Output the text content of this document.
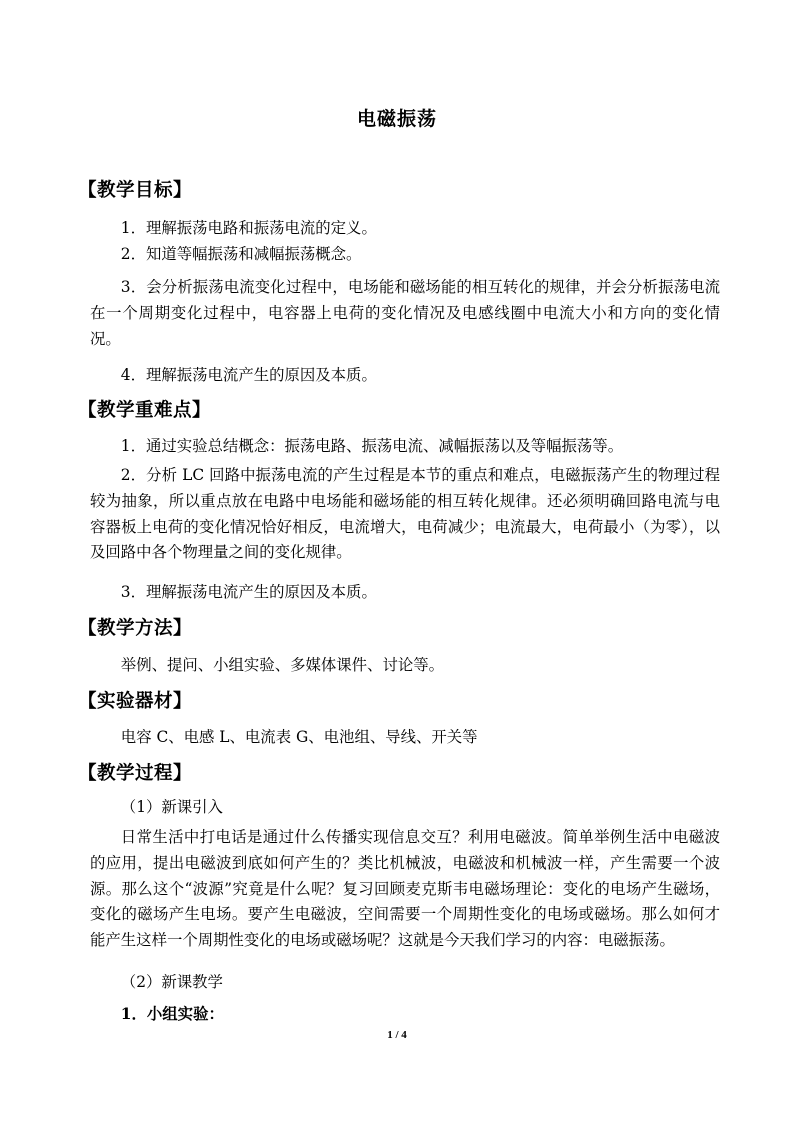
电磁振荡
【教学目标】
1．理解振荡电路和振荡电流的定义。
2．知道等幅振荡和减幅振荡概念。
3．会分析振荡电流变化过程中，电场能和磁场能的相互转化的规律，并会分析振荡电流在一个周期变化过程中，电容器上电荷的变化情况及电感线圈中电流大小和方向的变化情况。
4．理解振荡电流产生的原因及本质。
【教学重难点】
1．通过实验总结概念：振荡电路、振荡电流、减幅振荡以及等幅振荡等。
2．分析 LC 回路中振荡电流的产生过程是本节的重点和难点，电磁振荡产生的物理过程较为抽象，所以重点放在电路中电场能和磁场能的相互转化规律。还必须明确回路电流与电容器板上电荷的变化情况恰好相反，电流增大，电荷减少；电流最大，电荷最小（为零），以及回路中各个物理量之间的变化规律。
3．理解振荡电流产生的原因及本质。
【教学方法】
举例、提问、小组实验、多媒体课件、讨论等。
【实验器材】
电容 C、电感 L、电流表 G、电池组、导线、开关等
【教学过程】
（1）新课引入
日常生活中打电话是通过什么传播实现信息交互？利用电磁波。简单举例生活中电磁波的应用，提出电磁波到底如何产生的？类比机械波，电磁波和机械波一样，产生需要一个波源。那么这个“波源”究竟是什么呢？复习回顾麦克斯韦电磁场理论：变化的电场产生磁场，变化的磁场产生电场。要产生电磁波，空间需要一个周期性变化的电场或磁场。那么如何才能产生这样一个周期性变化的电场或磁场呢？这就是今天我们学习的内容：电磁振荡。
（2）新课教学
1．小组实验：
1 / 4
